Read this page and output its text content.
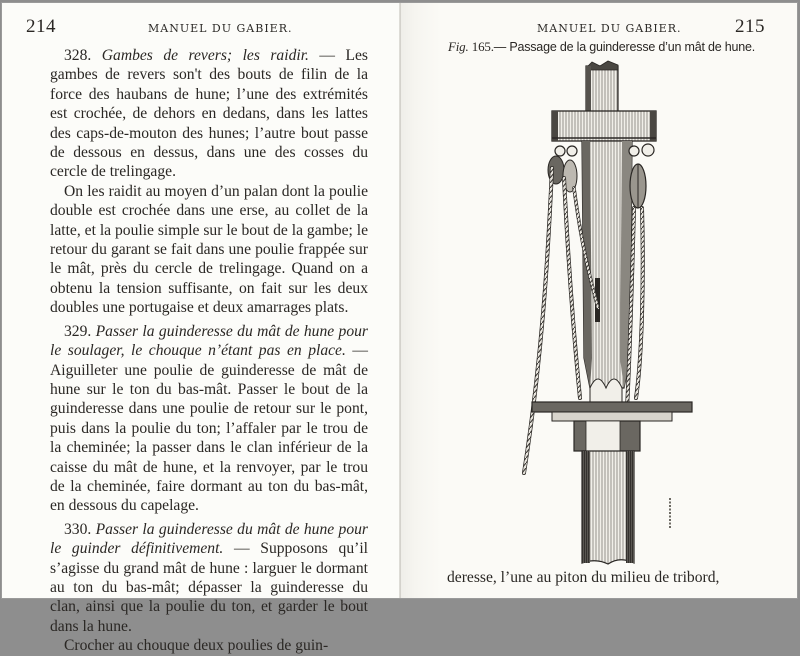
214	MANUEL DU GABIER.

328. Gambes de revers; les raidir. — Les gambes de revers son't des bouts de filin de la force des haubans de hune; l’une des extrémités est crochée, de dehors en dedans, dans les lattes des caps-de-mouton des hunes; l’autre bout passe de dessous en dessus, dans une des cosses du cercle de trelingage.

On les raidit au moyen d’un palan dont la poulie double est crochée dans une erse, au collet de la latte, et la poulie simple sur le bout de la gambe; le retour du garant se fait dans une poulie frappée sur le mât, près du cercle de trelingage. Quand on a obtenu la tension suffisante, on fait sur les deux doubles une portugaise et deux amarrages plats.

329. Passer la guinderesse du mât de hune pour le soulager, le chouque n’étant pas en place. — Aiguilleter une poulie de guinderesse de mât de hune sur le ton du bas-mât. Passer le bout de la guinderesse dans une poulie de retour sur le pont, puis dans la poulie du ton; l’affaler par le trou de la cheminée; la passer dans le clan inférieur de la caisse du mât de hune, et la renvoyer, par le trou de la cheminée, faire dormant au ton du bas-mât, en dessous du capelage.

330. Passer la guinderesse du mât de hune pour le guinder définitivement. — Supposons qu’il s’agisse du grand mât de hune : larguer le dormant au ton du bas-mât; dépasser la guinderesse du clan, ainsi que la poulie du ton, et garder le bout dans la hune.

Crocher au chouque deux poulies de guin-

MANUEL DU GABIER.	215
Fig. 165.— Passage de la guinderesse d’un mât de hune.
deresse, l’une au piton du milieu de tribord,
